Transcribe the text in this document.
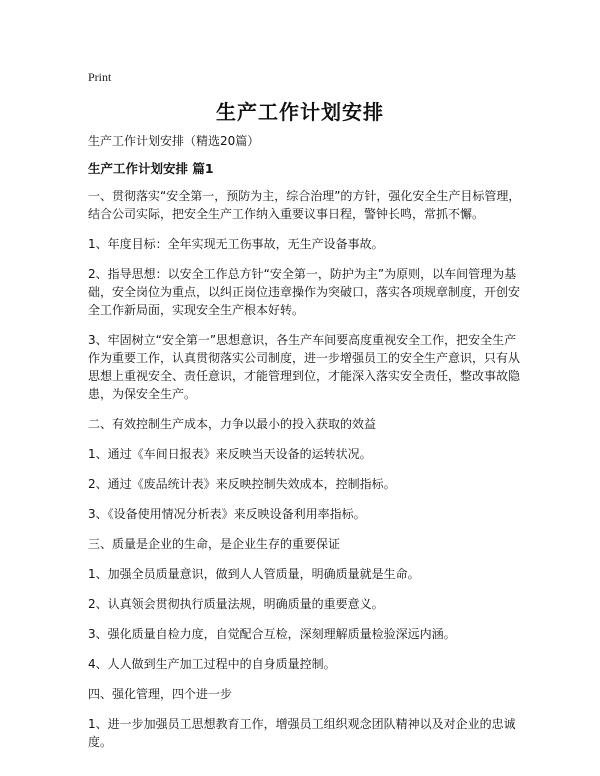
Print
生产工作计划安排

生产工作计划安排（精选20篇）

生产工作计划安排 篇1

一、贯彻落实“安全第一，预防为主，综合治理”的方针，强化安全生产目标管理，结合公司实际，把安全生产工作纳入重要议事日程，警钟长鸣，常抓不懈。

1、年度目标：全年实现无工伤事故，无生产设备事故。

2、指导思想：以安全工作总方针“安全第一，防护为主”为原则，以车间管理为基础，安全岗位为重点，以纠正岗位违章操作为突破口，落实各项规章制度，开创安全工作新局面，实现安全生产根本好转。

3、牢固树立“安全第一”思想意识，各生产车间要高度重视安全工作，把安全生产作为重要工作，认真贯彻落实公司制度，进一步增强员工的安全生产意识，只有从思想上重视安全、责任意识，才能管理到位，才能深入落实安全责任，整改事故隐患，为保安全生产。

二、有效控制生产成本，力争以最小的投入获取的效益

1、通过《车间日报表》来反映当天设备的运转状况。

2、通过《废品统计表》来反映控制失效成本，控制指标。

3、《设备使用情况分析表》来反映设备利用率指标。

三、质量是企业的生命，是企业生存的重要保证

1、加强全员质量意识，做到人人管质量，明确质量就是生命。

2、认真领会贯彻执行质量法规，明确质量的重要意义。

3、强化质量自检力度，自觉配合互检，深刻理解质量检验深远内涵。

4、人人做到生产加工过程中的自身质量控制。

四、强化管理，四个进一步

1、进一步加强员工思想教育工作，增强员工组织观念团队精神以及对企业的忠诚度。
